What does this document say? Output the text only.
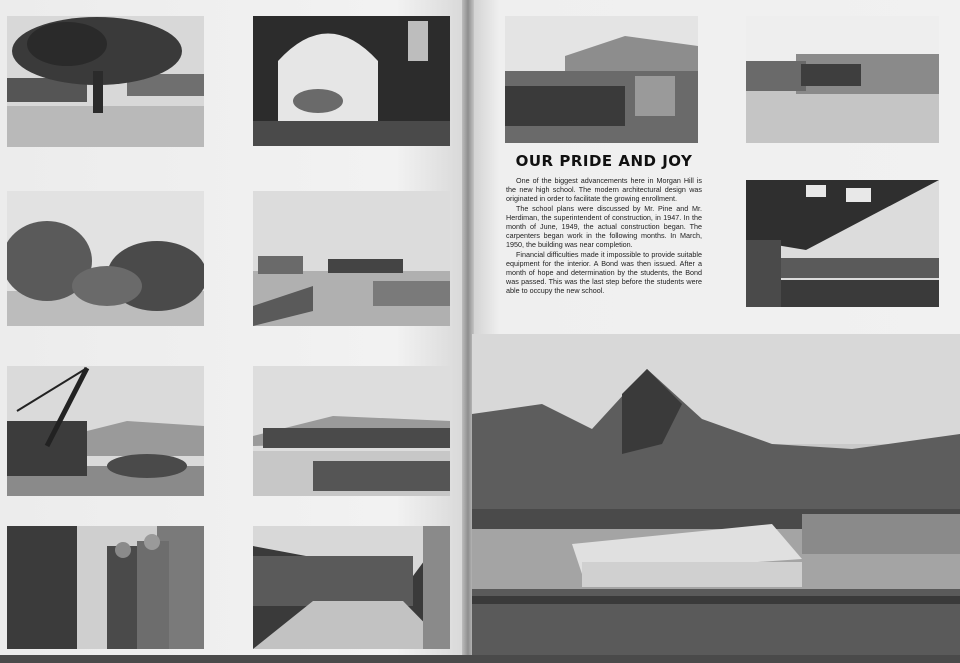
OUR PRIDE AND JOY

One of the biggest advancements here in Morgan Hill is the new high school. The modern architectural design was originated in order to facilitate the growing enrollment.

The school plans were discussed by Mr. Pine and Mr. Herdiman, the superintendent of construction, in 1947. In the month of June, 1949, the actual construction began. The carpenters began work in the following months. In March, 1950, the building was near completion.

Financial difficulties made it impossible to provide suitable equipment for the interior. A Bond was then issued. After a month of hope and determination by the students, the Bond was passed. This was the last step before the students were able to occupy the new school.
